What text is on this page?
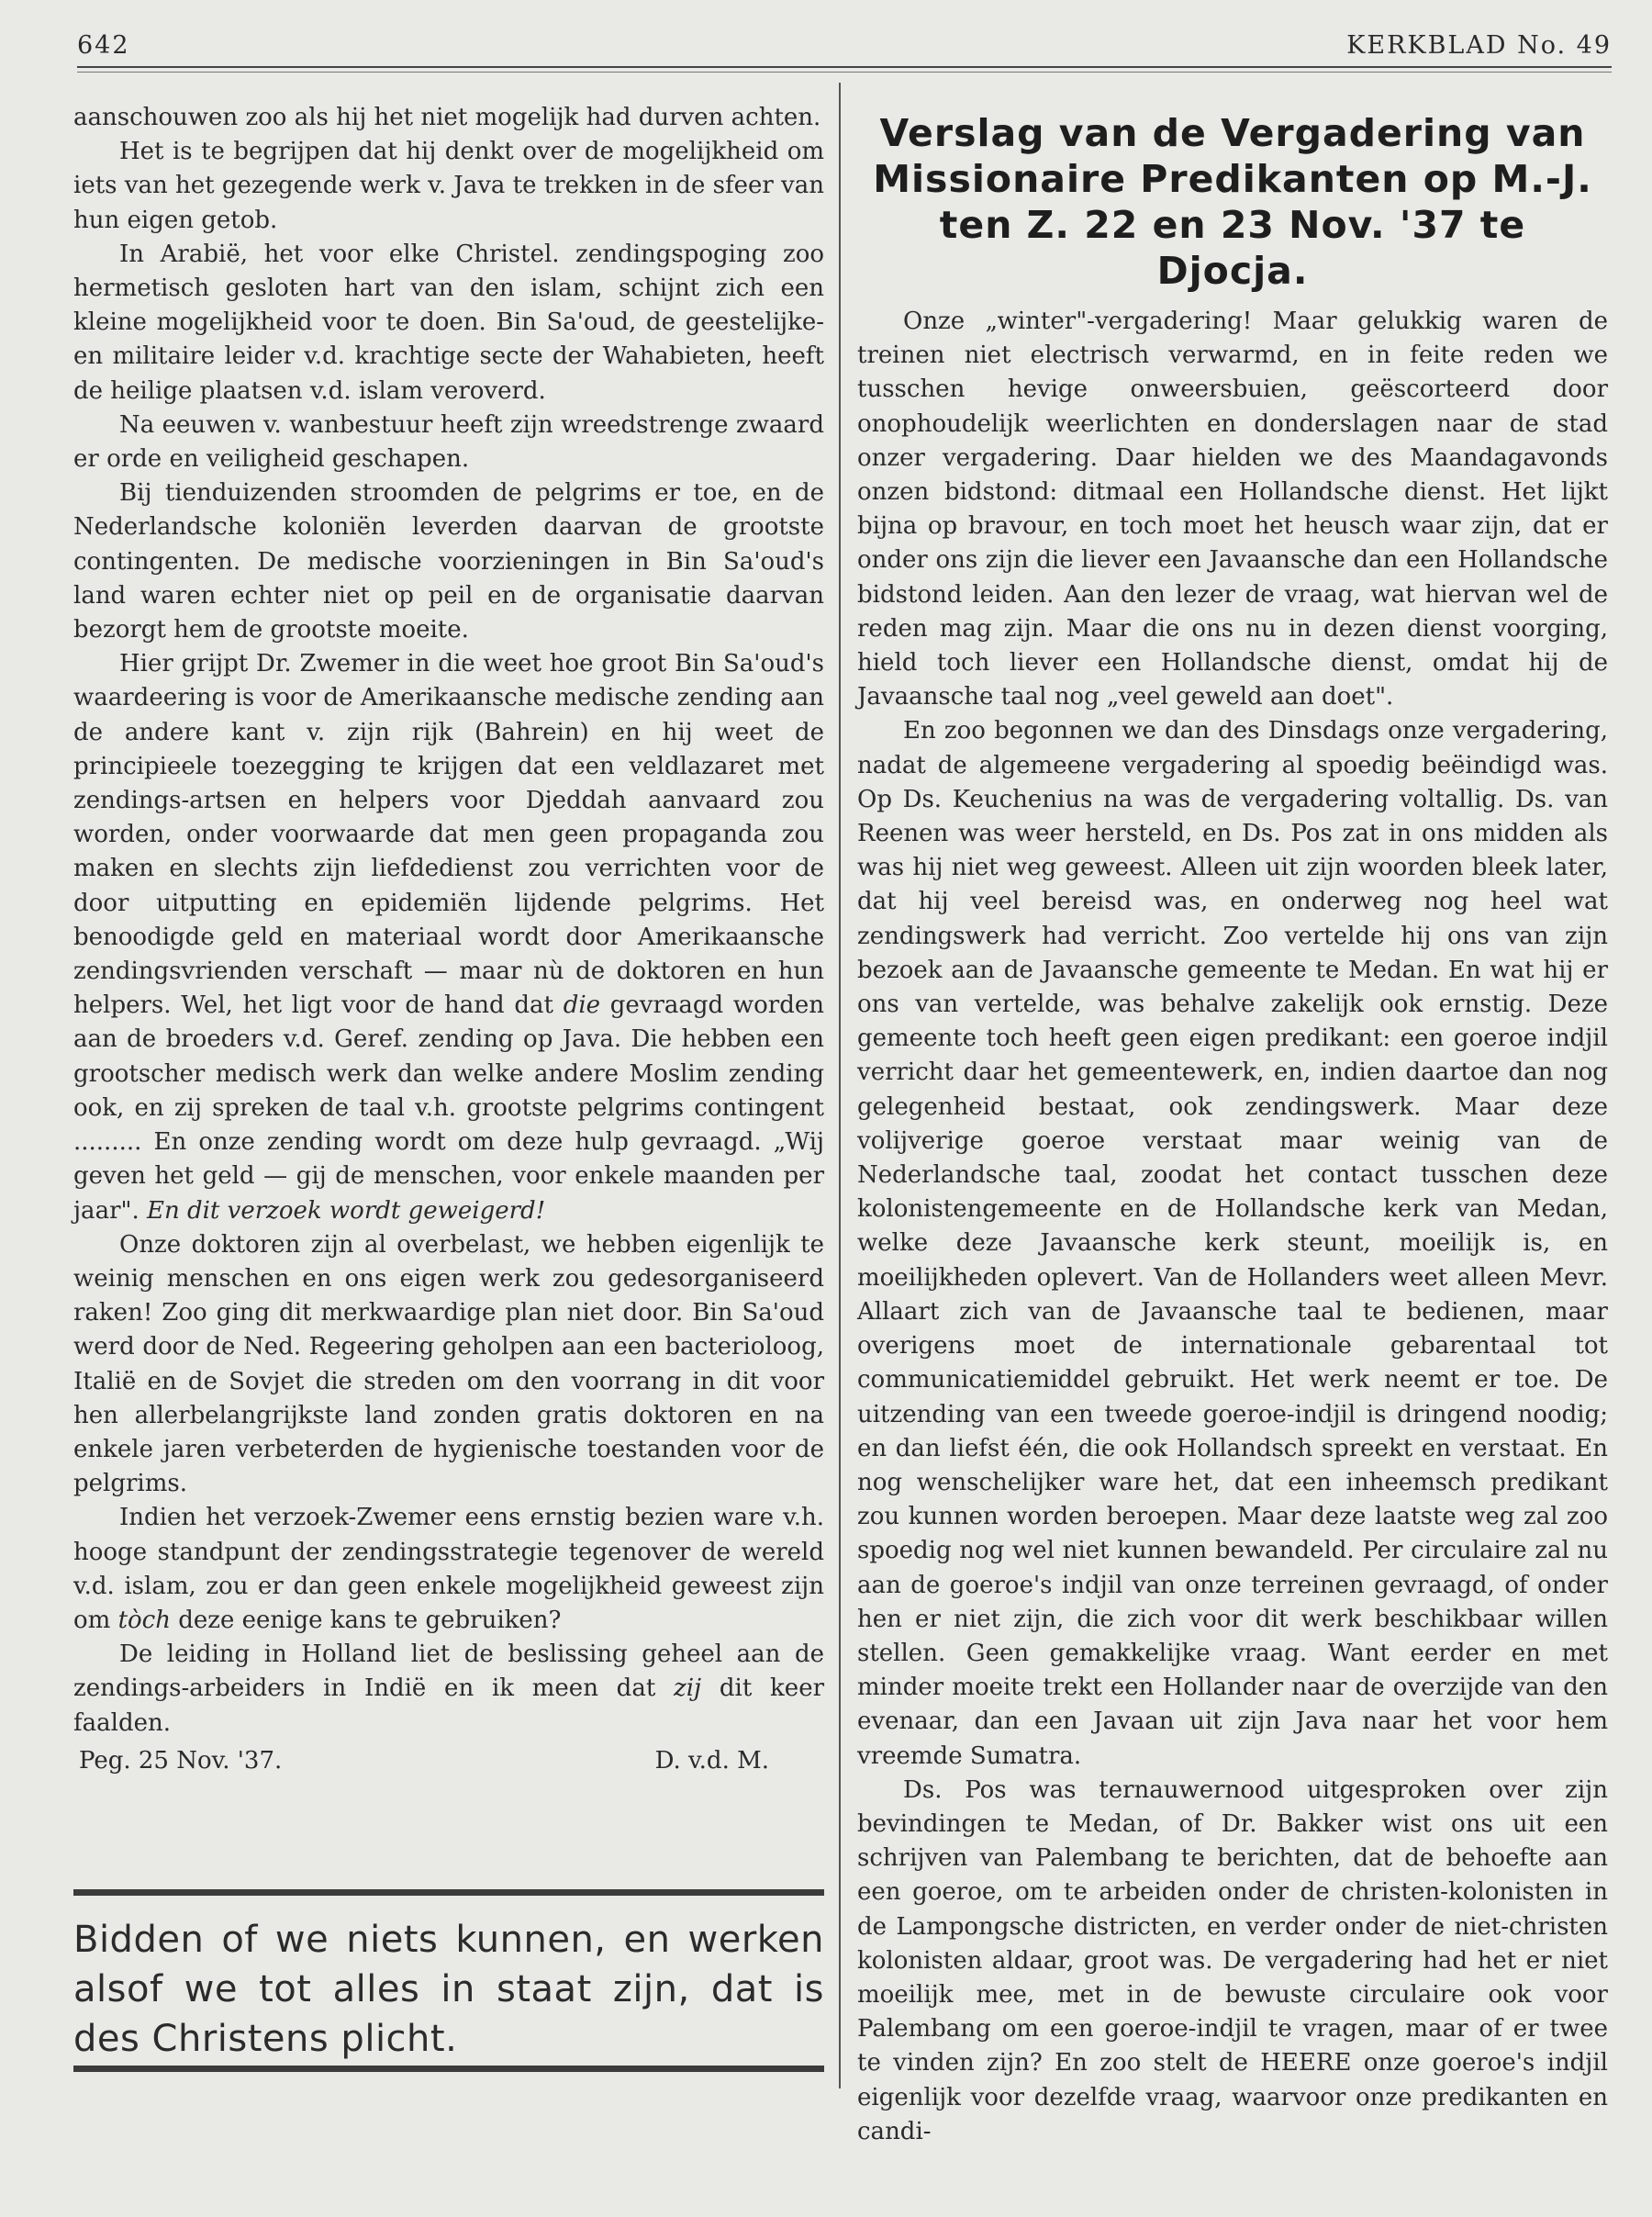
642	KERKBLAD No. 49

aanschouwen zoo als hij het niet mogelijk had durven achten.

Het is te begrijpen dat hij denkt over de mogelijkheid om iets van het gezegende werk v. Java te trekken in de sfeer van hun eigen getob.

In Arabië, het voor elke Christel. zendingspoging zoo hermetisch gesloten hart van den islam, schijnt zich een kleine mogelijkheid voor te doen. Bin Sa'oud, de geestelijke- en militaire leider v.d. krachtige secte der Wahabieten, heeft de heilige plaatsen v.d. islam veroverd.

Na eeuwen v. wanbestuur heeft zijn wreedstrenge zwaard er orde en veiligheid geschapen.

Bij tienduizenden stroomden de pelgrims er toe, en de Nederlandsche koloniën leverden daarvan de grootste contingenten. De medische voorzieningen in Bin Sa'oud's land waren echter niet op peil en de organisatie daarvan bezorgt hem de grootste moeite.

Hier grijpt Dr. Zwemer in die weet hoe groot Bin Sa'oud's waardeering is voor de Amerikaansche medische zending aan de andere kant v. zijn rijk (Bahrein) en hij weet de principieele toezegging te krijgen dat een veldlazaret met zendings-artsen en helpers voor Djeddah aanvaard zou worden, onder voorwaarde dat men geen propaganda zou maken en slechts zijn liefdedienst zou verrichten voor de door uitputting en epidemiën lijdende pelgrims. Het benoodigde geld en materiaal wordt door Amerikaansche zendingsvrienden verschaft — maar nù de doktoren en hun helpers. Wel, het ligt voor de hand dat die gevraagd worden aan de broeders v.d. Geref. zending op Java. Die hebben een grootscher medisch werk dan welke andere Moslim zending ook, en zij spreken de taal v.h. grootste pelgrims contingent ......... En onze zending wordt om deze hulp gevraagd. „Wij geven het geld — gij de menschen, voor enkele maanden per jaar". En dit verzoek wordt geweigerd!

Onze doktoren zijn al overbelast, we hebben eigenlijk te weinig menschen en ons eigen werk zou gedesorganiseerd raken! Zoo ging dit merkwaardige plan niet door. Bin Sa'oud werd door de Ned. Regeering geholpen aan een bacterioloog, Italië en de Sovjet die streden om den voorrang in dit voor hen allerbelangrijkste land zonden gratis doktoren en na enkele jaren verbeterden de hygienische toestanden voor de pelgrims.

Indien het verzoek-Zwemer eens ernstig bezien ware v.h. hooge standpunt der zendingsstrategie tegenover de wereld v.d. islam, zou er dan geen enkele mogelijkheid geweest zijn om tòch deze eenige kans te gebruiken?

De leiding in Holland liet de beslissing geheel aan de zendings-arbeiders in Indië en ik meen dat zij dit keer faalden.

Peg. 25 Nov. '37.	D. v.d. M.
Bidden of we niets kunnen, en werken alsof we tot alles in staat zijn, dat is des Christens plicht.
Verslag van de Vergadering van Missionaire Predikanten op M.-J. ten Z. 22 en 23 Nov. '37 te Djocja.

Onze „winter"-vergadering! Maar gelukkig waren de treinen niet electrisch verwarmd, en in feite reden we tusschen hevige onweersbuien, geëscorteerd door onophoudelijk weerlichten en donderslagen naar de stad onzer vergadering. Daar hielden we des Maandagavonds onzen bidstond: ditmaal een Hollandsche dienst. Het lijkt bijna op bravour, en toch moet het heusch waar zijn, dat er onder ons zijn die liever een Javaansche dan een Hollandsche bidstond leiden. Aan den lezer de vraag, wat hiervan wel de reden mag zijn. Maar die ons nu in dezen dienst voorging, hield toch liever een Hollandsche dienst, omdat hij de Javaansche taal nog „veel geweld aan doet".

En zoo begonnen we dan des Dinsdags onze vergadering, nadat de algemeene vergadering al spoedig beëindigd was. Op Ds. Keuchenius na was de vergadering voltallig. Ds. van Reenen was weer hersteld, en Ds. Pos zat in ons midden als was hij niet weg geweest. Alleen uit zijn woorden bleek later, dat hij veel bereisd was, en onderweg nog heel wat zendingswerk had verricht. Zoo vertelde hij ons van zijn bezoek aan de Javaansche gemeente te Medan. En wat hij er ons van vertelde, was behalve zakelijk ook ernstig. Deze gemeente toch heeft geen eigen predikant: een goeroe indjil verricht daar het gemeentewerk, en, indien daartoe dan nog gelegenheid bestaat, ook zendingswerk. Maar deze volijverige goeroe verstaat maar weinig van de Nederlandsche taal, zoodat het contact tusschen deze kolonistengemeente en de Hollandsche kerk van Medan, welke deze Javaansche kerk steunt, moeilijk is, en moeilijkheden oplevert. Van de Hollanders weet alleen Mevr. Allaart zich van de Javaansche taal te bedienen, maar overigens moet de internationale gebarentaal tot communicatiemiddel gebruikt. Het werk neemt er toe. De uitzending van een tweede goeroe-indjil is dringend noodig; en dan liefst één, die ook Hollandsch spreekt en verstaat. En nog wenschelijker ware het, dat een inheemsch predikant zou kunnen worden beroepen. Maar deze laatste weg zal zoo spoedig nog wel niet kunnen bewandeld. Per circulaire zal nu aan de goeroe's indjil van onze terreinen gevraagd, of onder hen er niet zijn, die zich voor dit werk beschikbaar willen stellen. Geen gemakkelijke vraag. Want eerder en met minder moeite trekt een Hollander naar de overzijde van den evenaar, dan een Javaan uit zijn Java naar het voor hem vreemde Sumatra.

Ds. Pos was ternauwernood uitgesproken over zijn bevindingen te Medan, of Dr. Bakker wist ons uit een schrijven van Palembang te berichten, dat de behoefte aan een goeroe, om te arbeiden onder de christen-kolonisten in de Lampongsche districten, en verder onder de niet-christen kolonisten aldaar, groot was. De vergadering had het er niet moeilijk mee, met in de bewuste circulaire ook voor Palembang om een goeroe-indjil te vragen, maar of er twee te vinden zijn? En zoo stelt de HEERE onze goeroe's indjil eigenlijk voor dezelfde vraag, waarvoor onze predikanten en candi-
